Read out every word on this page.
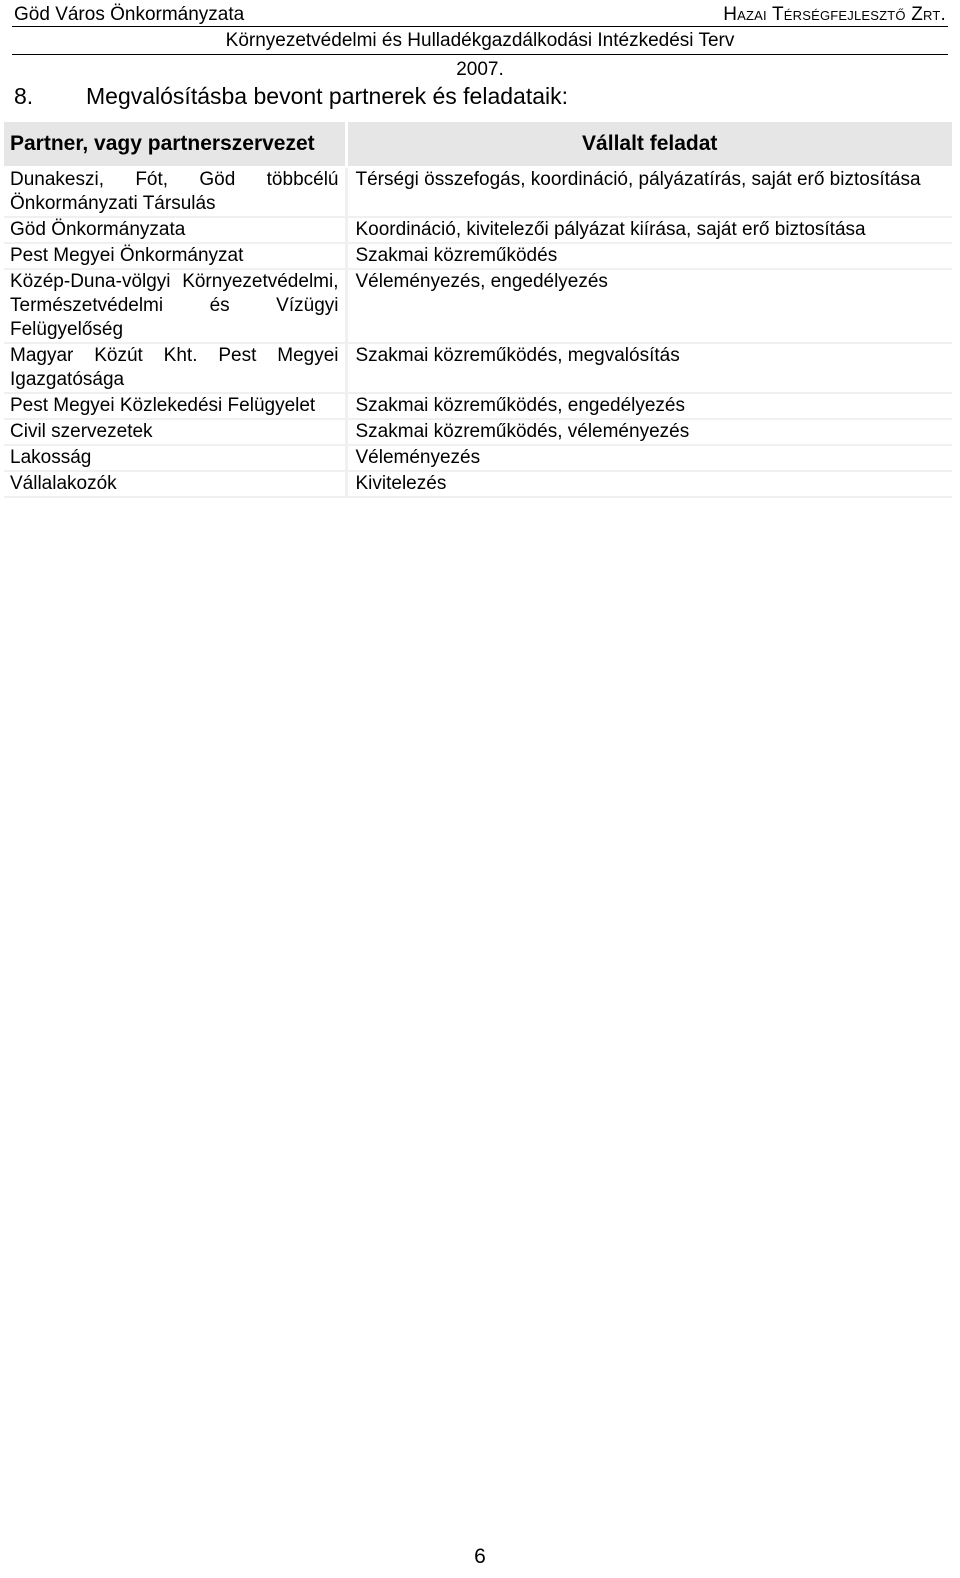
Göd Város Önkormányzata	Hazai Térségfejlesztő Zrt.
Környezetvédelmi és Hulladékgazdálkodási Intézkedési Terv
2007.
8. Megvalósításba bevont partnerek és feladataik:
Partner, vagy partnerszervezet	Vállalt feladat
Dunakeszi, Fót, Göd többcélú Önkormányzati Társulás	Térségi összefogás, koordináció, pályázatírás, saját erő biztosítása
Göd Önkormányzata	Koordináció, kivitelezői pályázat kiírása, saját erő biztosítása
Pest Megyei Önkormányzat	Szakmai közreműködés
Közép-Duna-völgyi Környezetvédelmi, Természetvédelmi és Vízügyi Felügyelőség	Véleményezés, engedélyezés
Magyar Közút Kht. Pest Megyei Igazgatósága	Szakmai közreműködés, megvalósítás
Pest Megyei Közlekedési Felügyelet	Szakmai közreműködés, engedélyezés
Civil szervezetek	Szakmai közreműködés, véleményezés
Lakosság	Véleményezés
Vállalakozók	Kivitelezés
6
